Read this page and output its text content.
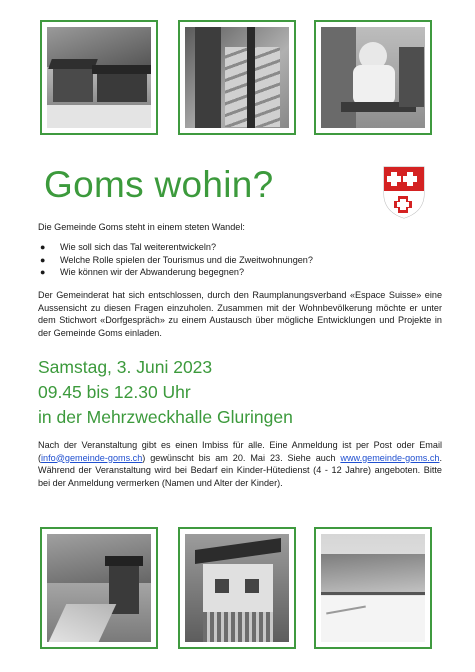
Goms wohin?
Die Gemeinde Goms steht in einem steten Wandel:
● Wie soll sich das Tal weiterentwickeln?
● Welche Rolle spielen der Tourismus und die Zweitwohnungen?
● Wie können wir der Abwanderung begegnen?
Der Gemeinderat hat sich entschlossen, durch den Raumplanungsverband «Espace Suisse» eine Aussensicht zu diesen Fragen einzuholen. Zusammen mit der Wohnbevölkerung möchte er unter dem Stichwort «Dorfgespräch» zu einem Austausch über mögliche Entwicklungen und Projekte in der Gemeinde Goms einladen.
Samstag, 3. Juni 2023
09.45 bis 12.30 Uhr
in der Mehrzweckhalle Gluringen
Nach der Veranstaltung gibt es einen Imbiss für alle. Eine Anmeldung ist per Post oder Email (info@gemeinde-goms.ch) gewünscht bis am 20. Mai 23. Siehe auch www.gemeinde-goms.ch. Während der Veranstaltung wird bei Bedarf ein Kinder-Hütedienst (4 - 12 Jahre) angeboten. Bitte bei der Anmeldung vermerken (Namen und Alter der Kinder).
